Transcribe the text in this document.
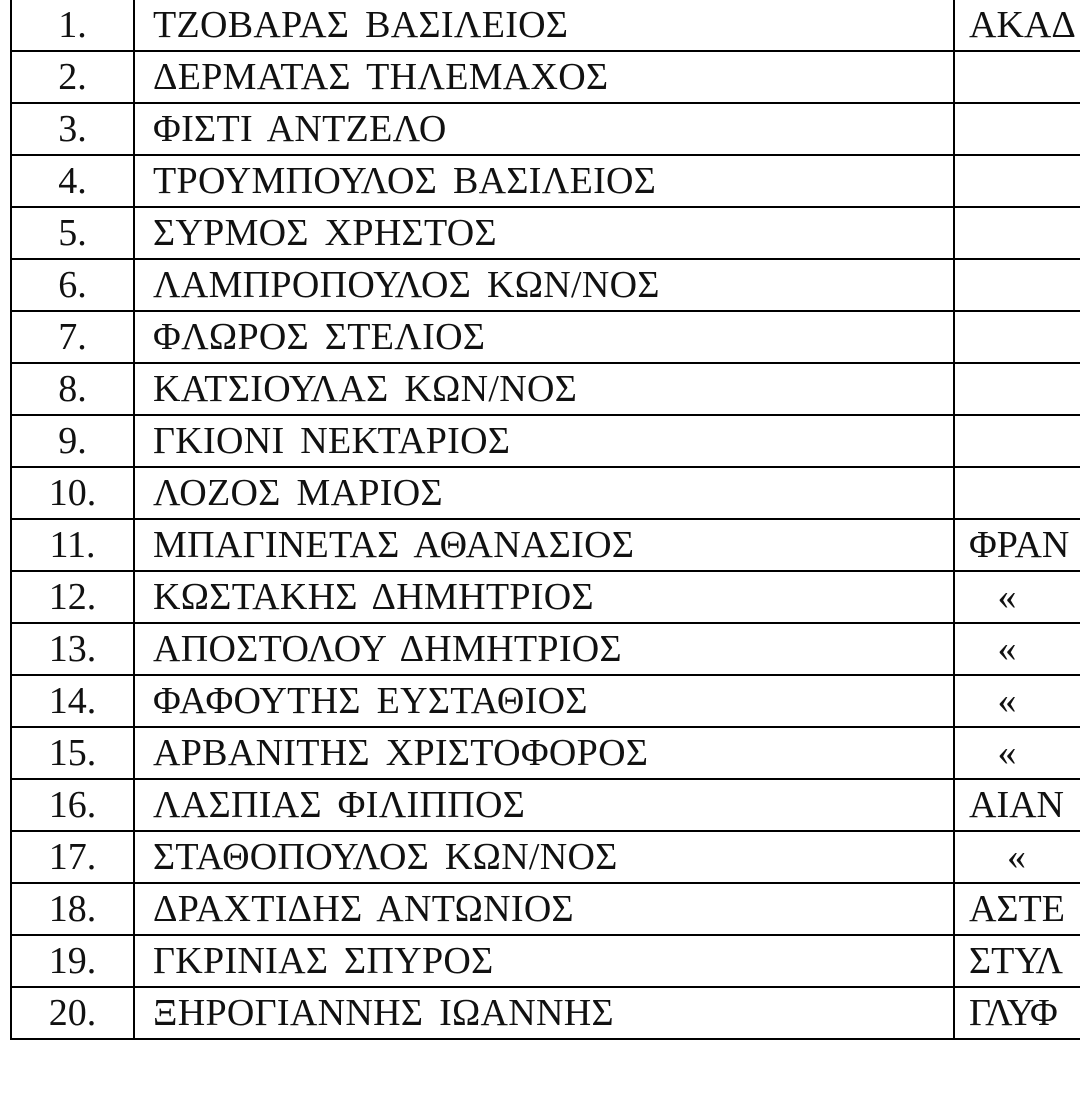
1.	ΤΖΟΒΑΡΑΣ ΒΑΣΙΛΕΙΟΣ	ΑΚΑΔ
2.	ΔΕΡΜΑΤΑΣ ΤΗΛΕΜΑΧΟΣ	
3.	ΦΙΣΤΙ ΑΝΤΖΕΛΟ	
4.	ΤΡΟΥΜΠΟΥΛΟΣ ΒΑΣΙΛΕΙΟΣ	
5.	ΣΥΡΜΟΣ ΧΡΗΣΤΟΣ	
6.	ΛΑΜΠΡΟΠΟΥΛΟΣ ΚΩΝ/ΝΟΣ	
7.	ΦΛΩΡΟΣ ΣΤΕΛΙΟΣ	
8.	ΚΑΤΣΙΟΥΛΑΣ ΚΩΝ/ΝΟΣ	
9.	ΓΚΙΟΝΙ ΝΕΚΤΑΡΙΟΣ	
10.	ΛΟΖΟΣ ΜΑΡΙΟΣ	
11.	ΜΠΑΓΙΝΕΤΑΣ ΑΘΑΝΑΣΙΟΣ	ΦΡΑΝ
12.	ΚΩΣΤΑΚΗΣ ΔΗΜΗΤΡΙΟΣ	«
13.	ΑΠΟΣΤΟΛΟΥ ΔΗΜΗΤΡΙΟΣ	«
14.	ΦΑΦΟΥΤΗΣ ΕΥΣΤΑΘΙΟΣ	«
15.	ΑΡΒΑΝΙΤΗΣ ΧΡΙΣΤΟΦΟΡΟΣ	«
16.	ΛΑΣΠΙΑΣ ΦΙΛΙΠΠΟΣ	ΑΙΑΝ
17.	ΣΤΑΘΟΠΟΥΛΟΣ ΚΩΝ/ΝΟΣ	«
18.	ΔΡΑΧΤΙΔΗΣ ΑΝΤΩΝΙΟΣ	ΑΣΤΕ
19.	ΓΚΡΙΝΙΑΣ ΣΠΥΡΟΣ	ΣΤΥΛ
20.	ΞΗΡΟΓΙΑΝΝΗΣ ΙΩΑΝΝΗΣ	ΓΛΥΦ
